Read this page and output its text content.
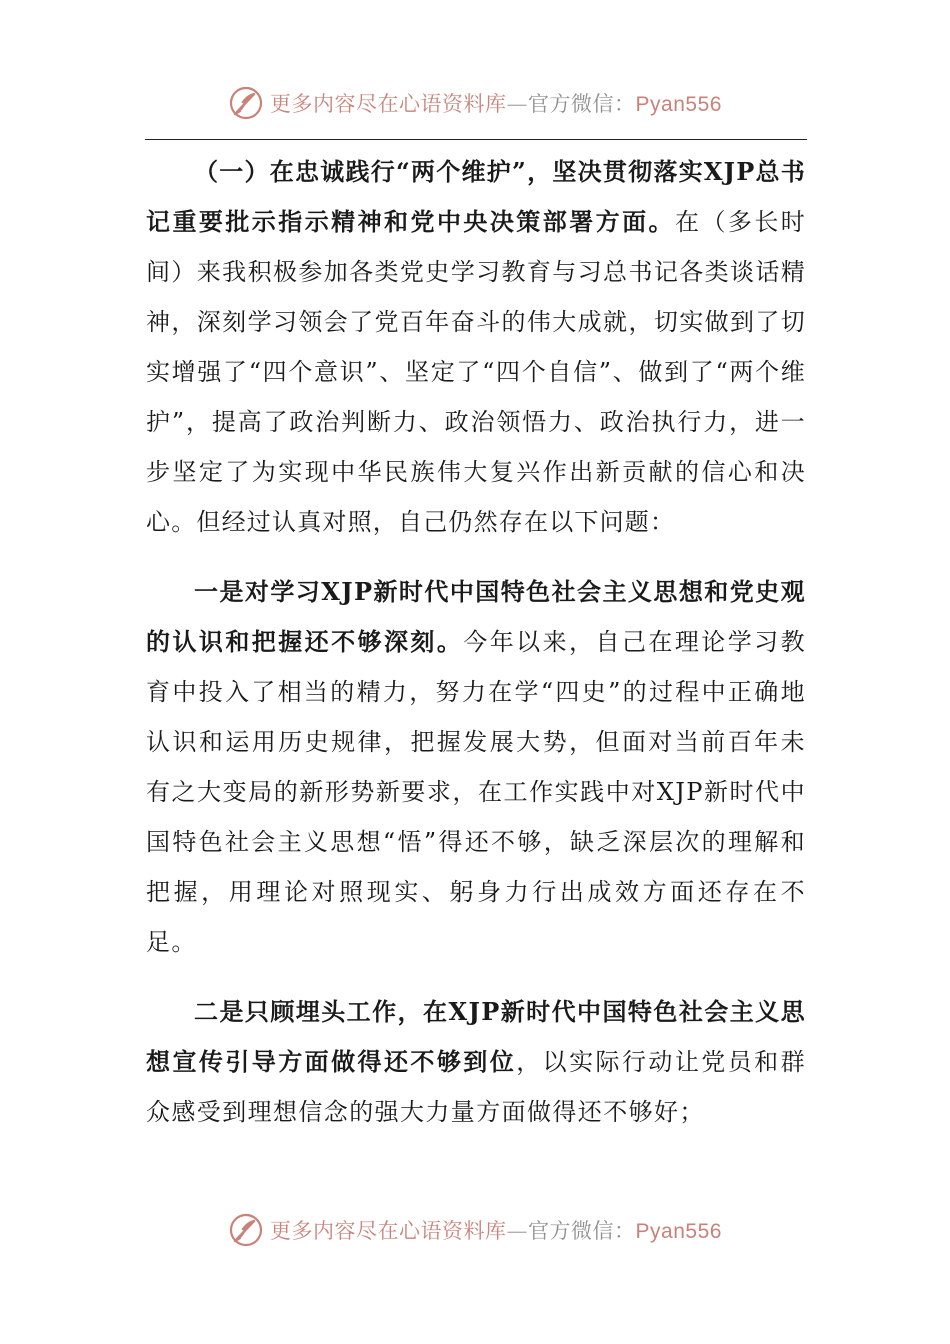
更多内容尽在心语资料库—官方微信：Pyan556

（一）在忠诚践行“两个维护”，坚决贯彻落实XJP总书记重要批示指示精神和党中央决策部署方面。在（多长时间）来我积极参加各类党史学习教育与习总书记各类谈话精神，深刻学习领会了党百年奋斗的伟大成就，切实做到了切实增强了“四个意识”、坚定了“四个自信”、做到了“两个维护”，提高了政治判断力、政治领悟力、政治执行力，进一步坚定了为实现中华民族伟大复兴作出新贡献的信心和决心。但经过认真对照，自己仍然存在以下问题：

一是对学习XJP新时代中国特色社会主义思想和党史观的认识和把握还不够深刻。今年以来，自己在理论学习教育中投入了相当的精力，努力在学“四史”的过程中正确地认识和运用历史规律，把握发展大势，但面对当前百年未有之大变局的新形势新要求，在工作实践中对XJP新时代中国特色社会主义思想“悟”得还不够，缺乏深层次的理解和把握，用理论对照现实、躬身力行出成效方面还存在不足。

二是只顾埋头工作，在XJP新时代中国特色社会主义思想宣传引导方面做得还不够到位，以实际行动让党员和群众感受到理想信念的强大力量方面做得还不够好；

更多内容尽在心语资料库—官方微信：Pyan556
